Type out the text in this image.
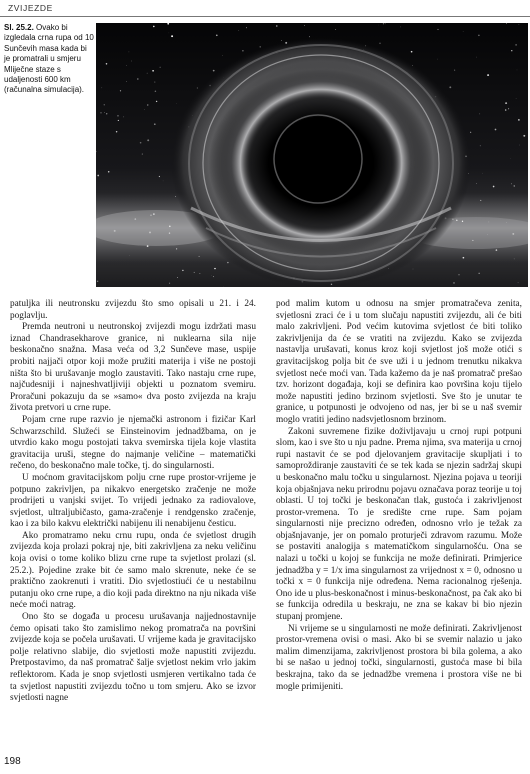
ZVIJEZDE
Sl. 25.2. Ovako bi izgledala crna rupa od 10 Sunčevih masa kada bi je promatrali u smjeru Mliječne staze s udaljenosti 600 km (računalna simulacija).

patuljka ili neutronsku zvijezdu što smo opisali u 21. i 24. poglavlju.

Premda neutroni u neutronskoj zvijezdi mogu izdržati masu iznad Chandrasekharove granice, ni nuklearna sila nije beskonačno snažna. Masa veća od 3,2 Sunčeve mase, uspije probiti najjači otpor koji može pružiti materija i više ne postoji ništa što bi urušavanje moglo zaustaviti. Tako nastaju crne rupe, najčudesniji i najneshvatljiviji objekti u poznatom svemiru. Proračuni pokazuju da se »samo« dva posto zvijezda na kraju života pretvori u crne rupe.

Pojam crne rupe razvio je njemački astronom i fizičar Karl Schwarzschild. Služeći se Einsteinovim jednadžbama, on je utvrdio kako mogu postojati takva svemirska tijela koje vlastita gravitacija uruši, stegne do najmanje veličine – matematički rečeno, do beskonačno male točke, tj. do singularnosti.

U moćnom gravitacijskom polju crne rupe prostor-vrijeme je potpuno zakrivljen, pa nikakvo energetsko zračenje ne može prodrijeti u vanjski svijet. To vrijedi jednako za radiovalove, svjetlost, ultraljubičasto, gama-zračenje i rendgensko zračenje, kao i za bilo kakvu električki nabijenu ili nenabijenu česticu.

Ako promatramo neku crnu rupu, onda će svjetlost drugih zvijezda koja prolazi pokraj nje, biti zakrivljena za neku veličinu koja ovisi o tome koliko blizu crne rupe ta svjetlost prolazi (sl. 25.2.). Pojedine zrake bit će samo malo skrenute, neke će se praktično zaokrenuti i vratiti. Dio svjetlostiući će u nestabilnu putanju oko crne rupe, a dio koji pada direktno na nju nikada više neće moći natrag.

Ono što se događa u procesu urušavanja najjednostavnije ćemo opisati tako što zamislimo nekog promatrača na površini zvijezde koja se počela urušavati. U vrijeme kada je gravitacijsko polje relativno slabije, dio svjetlosti može napustiti zvijezdu. Pretpostavimo, da naš promatrač šalje svjetlost nekim vrlo jakim reflektorom. Kada je snop svjetlosti usmjeren vertikalno tada će ta svjetlost napustiti zvijezdu točno u tom smjeru. Ako se izvor svjetlosti nagne

pod malim kutom u odnosu na smjer promatračeva zenita, svjetlosni zraci će i u tom slučaju napustiti zvijezdu, ali će biti malo zakrivljeni. Pod većim kutovima svjetlost će biti toliko zakrivljenija da će se vratiti na zvijezdu. Kako se zvijezda nastavlja urušavati, konus kroz koji svjetlost još može otići s gravitacijskog polja bit će sve uži i u jednom trenutku nikakva svjetlost neće moći van. Tada kažemo da je naš promatrač prešao tzv. horizont događaja, koji se definira kao površina koju tijelo može napustiti jedino brzinom svjetlosti. Sve što je unutar te granice, u potpunosti je odvojeno od nas, jer bi se u naš svemir moglo vratiti jedino nadsvjetlosnom brzinom.

Zakoni suvremene fizike doživljavaju u crnoj rupi potpuni slom, kao i sve što u nju padne. Prema njima, sva materija u crnoj rupi nastavit će se pod djelovanjem gravitacije skupljati i to samoproždiranje zaustaviti će se tek kada se njezin sadržaj skupi u beskonačno malu točku u singularnost. Njezina pojava u teoriji koja objašnjava neku prirodnu pojavu označava poraz teorije u toj oblasti. U toj točki je beskonačan tlak, gustoća i zakrivljenost prostor-vremena. To je središte crne rupe. Sam pojam singularnosti nije precizno određen, odnosno vrlo je težak za objašnjavanje, jer on pomalo proturječi zdravom razumu. Može se postaviti analogija s matematičkom singularnošću. Ona se nalazi u točki u kojoj se funkcija ne može definirati. Primjerice jednadžba y = 1/x ima singularnost za vrijednost x = 0, odnosno u točki x = 0 funkcija nije određena. Nema racionalnog rješenja. Ono ide u plus-beskonačnost i minus-beskonačnost, pa čak ako bi se funkcija odredila u beskraju, ne zna se kakav bi bio njezin stupanj promjene.

Ni vrijeme se u singularnosti ne može definirati. Zakrivljenost prostor-vremena ovisi o masi. Ako bi se svemir nalazio u jako malim dimenzijama, zakrivljenost prostora bi bila golema, a ako bi se našao u jednoj točki, singularnosti, gustoća mase bi bila beskrajna, tako da se jednadžbe vremena i prostora više ne bi mogle primijeniti.

198
